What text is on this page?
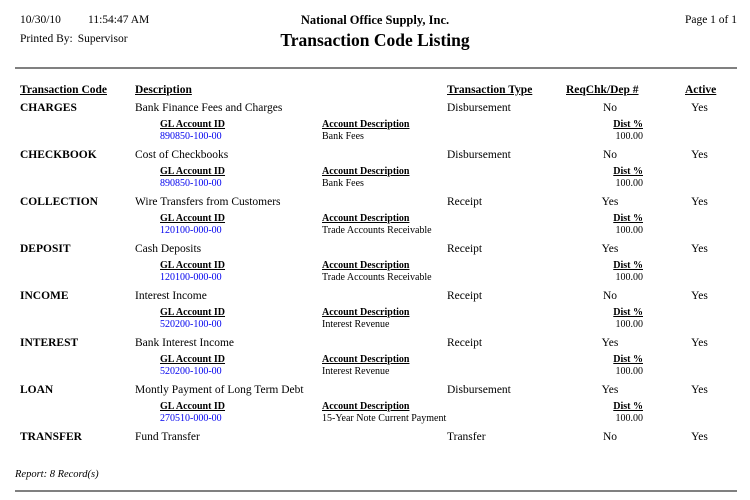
10/30/10 11:54:47 AM
Printed By: Supervisor
National Office Supply, Inc.
Transaction Code Listing
Page 1 of 1
Transaction Code Description	Transaction Type	ReqChk/Dep #	Active
CHARGES	Bank Finance Fees and Charges	Disbursement	No	Yes
GL Account ID	Account Description	Dist %
890850-100-00	Bank Fees	100.00
CHECKBOOK	Cost of Checkbooks	Disbursement	No	Yes
GL Account ID	Account Description	Dist %
890850-100-00	Bank Fees	100.00
COLLECTION	Wire Transfers from Customers	Receipt	Yes	Yes
GL Account ID	Account Description	Dist %
120100-000-00	Trade Accounts Receivable	100.00
DEPOSIT	Cash Deposits	Receipt	Yes	Yes
GL Account ID	Account Description	Dist %
120100-000-00	Trade Accounts Receivable	100.00
INCOME	Interest Income	Receipt	No	Yes
GL Account ID	Account Description	Dist %
520200-100-00	Interest Revenue	100.00
INTEREST	Bank Interest Income	Receipt	Yes	Yes
GL Account ID	Account Description	Dist %
520200-100-00	Interest Revenue	100.00
LOAN	Montly Payment of Long Term Debt	Disbursement	Yes	Yes
GL Account ID	Account Description	Dist %
270510-000-00	15-Year Note Current Payment	100.00
TRANSFER	Fund Transfer	Transfer	No	Yes
Report: 8 Record(s)
